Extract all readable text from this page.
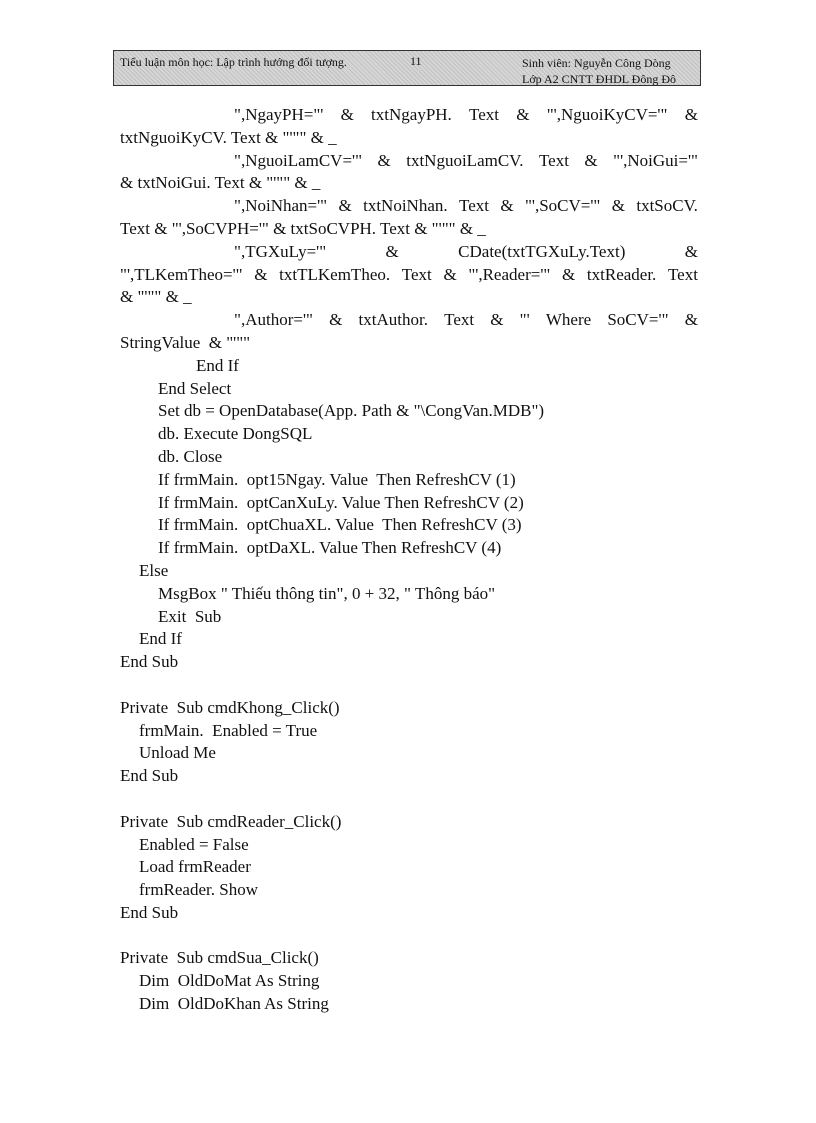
Tiểu luận môn học: Lập trình hướng đối tượng.	11	Sinh viên: Nguyễn Công Dòng
Lớp A2 CNTT ĐHDL Đông Đô
",NgayPH="' & txtNgayPH. Text & "',NguoiKyCV='" &
txtNguoiKyCV. Text & "'"" & _
",NguoiLamCV='" & txtNguoiLamCV. Text & "',NoiGui='"
& txtNoiGui. Text & "'"" & _
",NoiNhan='" & txtNoiNhan. Text & "',SoCV='" & txtSoCV.
Text & "',SoCVPH='" & txtSoCVPH. Text & "'"" & _
",TGXuLy='"	&	CDate(txtTGXuLy.Text)	&
"',TLKemTheo='" & txtTLKemTheo. Text & "',Reader='" & txtReader. Text
& "'"" & _
",Author='" & txtAuthor. Text & "' Where SoCV='" &
StringValue  & "'""
End If
End Select
Set db = OpenDatabase(App. Path & "\CongVan.MDB")
db. Execute DongSQL
db. Close
If frmMain.  opt15Ngay. Value  Then RefreshCV (1)
If frmMain.  optCanXuLy. Value Then RefreshCV (2)
If frmMain.  optChuaXL. Value  Then RefreshCV (3)
If frmMain.  optDaXL. Value Then RefreshCV (4)
Else
MsgBox " Thiếu thông tin", 0 + 32, " Thông báo"
Exit  Sub
End If
End Sub
Private  Sub cmdKhong_Click()
frmMain.  Enabled = True
Unload Me
End Sub
Private  Sub cmdReader_Click()
Enabled = False
Load frmReader
frmReader. Show
End Sub
Private  Sub cmdSua_Click()
Dim  OldDoMat As String
Dim  OldDoKhan As String
